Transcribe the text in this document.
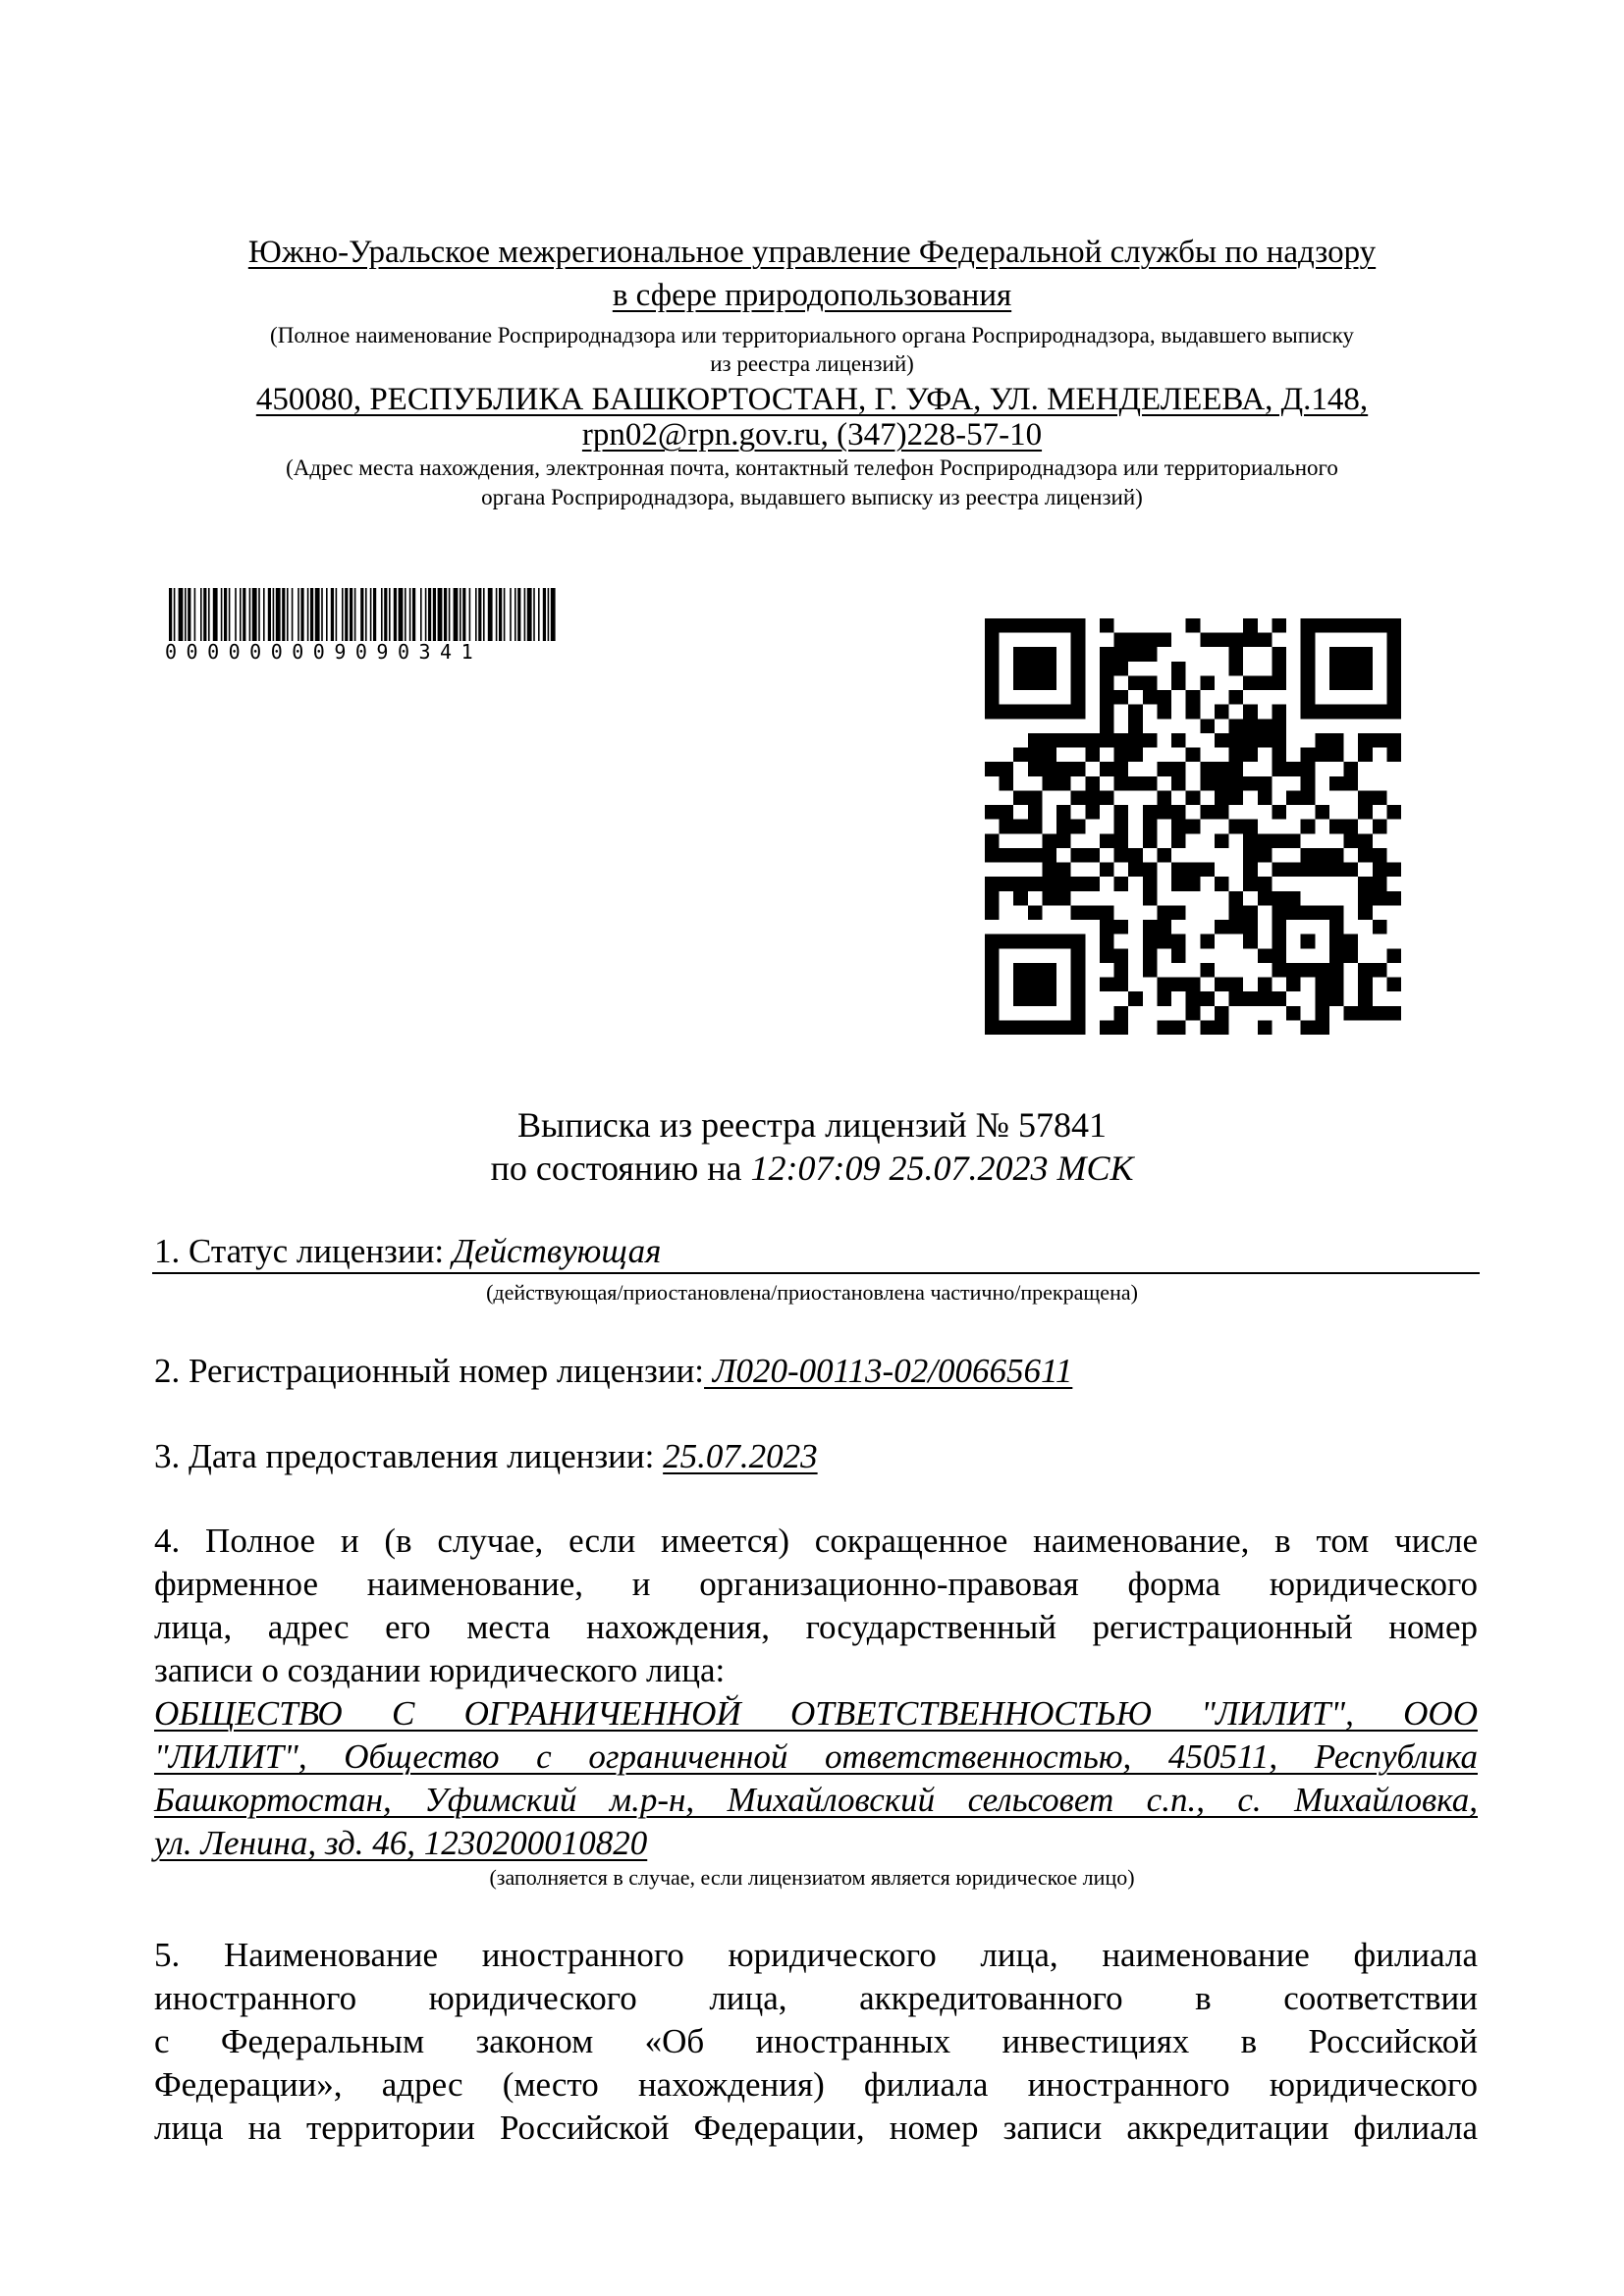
Южно-Уральское межрегиональное управление Федеральной службы по надзору
в сфере природопользования
(Полное наименование Росприроднадзора или территориального органа Росприроднадзора, выдавшего выписку
из реестра лицензий)
450080, РЕСПУБЛИКА БАШКОРТОСТАН, Г. УФА, УЛ. МЕНДЕЛЕЕВА, Д.148,
rpn02@rpn.gov.ru, (347)228-57-10
(Адрес места нахождения, электронная почта, контактный телефон Росприроднадзора или территориального
органа Росприроднадзора, выдавшего выписку из реестра лицензий)
000000009090341
Выписка из реестра лицензий № 57841
по состоянию на 12:07:09 25.07.2023 МСК
1. Статус лицензии: Действующая
(действующая/приостановлена/приостановлена частично/прекращена)
2. Регистрационный номер лицензии: Л020-00113-02/00665611
3. Дата предоставления лицензии: 25.07.2023
4. Полное и (в случае, если имеется) сокращенное наименование, в том числе
фирменное наименование, и организационно-правовая форма юридического
лица, адрес его места нахождения, государственный регистрационный номер
записи о создании юридического лица:
ОБЩЕСТВО С ОГРАНИЧЕННОЙ ОТВЕТСТВЕННОСТЬЮ "ЛИЛИТ", ООО
"ЛИЛИТ", Общество с ограниченной ответственностью, 450511, Республика
Башкортостан, Уфимский м.р-н, Михайловский сельсовет с.п., с. Михайловка,
ул. Ленина, зд. 46, 1230200010820
(заполняется в случае, если лицензиатом является юридическое лицо)
5. Наименование иностранного юридического лица, наименование филиала
иностранного юридического лица, аккредитованного в соответствии
с Федеральным законом «Об иностранных инвестициях в Российской
Федерации», адрес (место нахождения) филиала иностранного юридического
лица на территории Российской Федерации, номер записи аккредитации филиала
